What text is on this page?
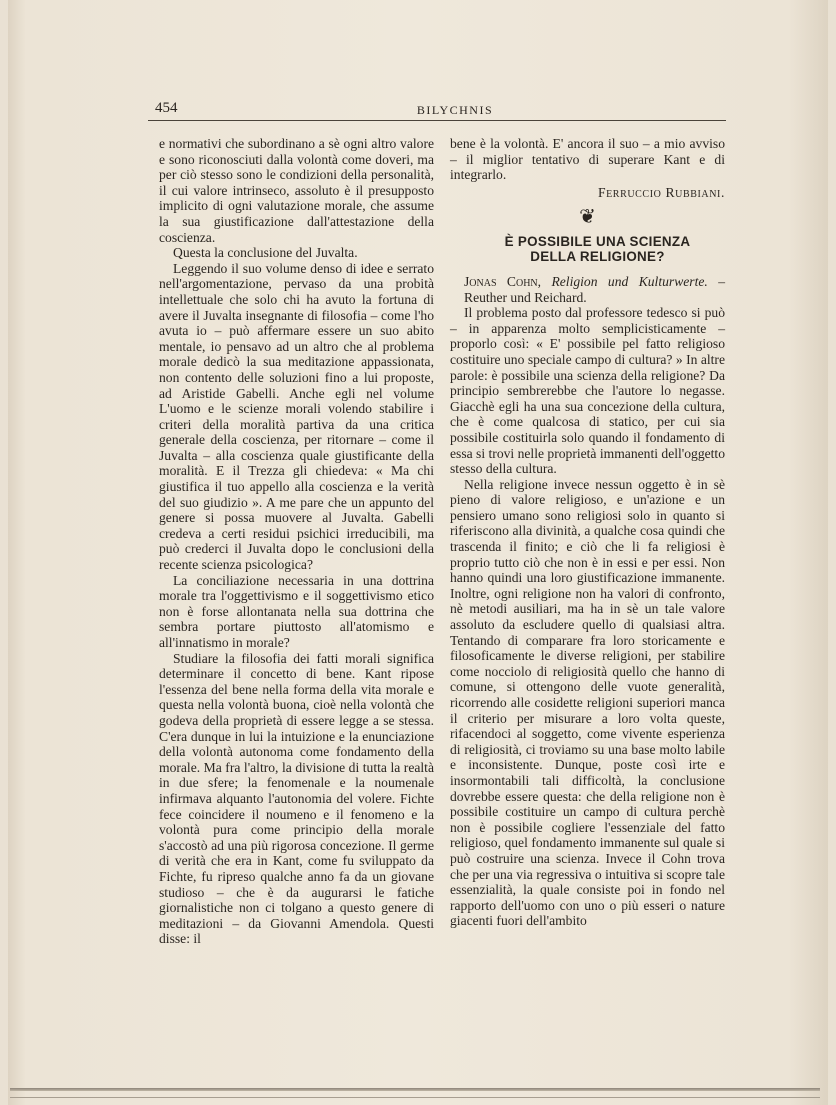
454	BILYCHNIS

e normativi che subordinano a sè ogni altro valore e sono riconosciuti dalla volontà come doveri, ma per ciò stesso sono le condizioni della personalità, il cui valore intrinseco, assoluto è il presupposto implicito di ogni valutazione morale, che assume la sua giustificazione dall'attestazione della coscienza.

Questa la conclusione del Juvalta.

Leggendo il suo volume denso di idee e serrato nell'argomentazione, pervaso da una probità intellettuale che solo chi ha avuto la fortuna di avere il Juvalta insegnante di filosofia – come l'ho avuta io – può affermare essere un suo abito mentale, io pensavo ad un altro che al problema morale dedicò la sua meditazione appassionata, non contento delle soluzioni fino a lui proposte, ad Aristide Gabelli. Anche egli nel volume L'uomo e le scienze morali volendo stabilire i criteri della moralità partiva da una critica generale della coscienza, per ritornare – come il Juvalta – alla coscienza quale giustificante della moralità. E il Trezza gli chiedeva: « Ma chi giustifica il tuo appello alla coscienza e la verità del suo giudizio ». A me pare che un appunto del genere si possa muovere al Juvalta. Gabelli credeva a certi residui psichici irreducibili, ma può crederci il Juvalta dopo le conclusioni della recente scienza psicologica?

La conciliazione necessaria in una dottrina morale tra l'oggettivismo e il soggettivismo etico non è forse allontanata nella sua dottrina che sembra portare piuttosto all'atomismo e all'innatismo in morale?

Studiare la filosofia dei fatti morali significa determinare il concetto di bene. Kant ripose l'essenza del bene nella forma della vita morale e questa nella volontà buona, cioè nella volontà che godeva della proprietà di essere legge a se stessa. C'era dunque in lui la intuizione e la enunciazione della volontà autonoma come fondamento della morale. Ma fra l'altro, la divisione di tutta la realtà in due sfere; la fenomenale e la noumenale infirmava alquanto l'autonomia del volere. Fichte fece coincidere il noumeno e il fenomeno e la volontà pura come principio della morale s'accostò ad una più rigorosa concezione. Il germe di verità che era in Kant, come fu sviluppato da Fichte, fu ripreso qualche anno fa da un giovane studioso – che è da augurarsi le fatiche giornalistiche non ci tolgano a questo genere di meditazioni – da Giovanni Amendola. Questi disse: il

bene è la volontà. E' ancora il suo – a mio avviso – il miglior tentativo di superare Kant e di integrarlo.

Ferruccio Rubbiani.

❦
È POSSIBILE UNA SCIENZA
DELLA RELIGIONE?

Jonas Cohn, Religion und Kulturwerte. – Reuther und Reichard.

Il problema posto dal professore tedesco si può – in apparenza molto semplicisticamente – proporlo così: « E' possibile pel fatto religioso costituire uno speciale campo di cultura? » In altre parole: è possibile una scienza della religione? Da principio sembrerebbe che l'autore lo negasse. Giacchè egli ha una sua concezione della cultura, che è come qualcosa di statico, per cui sia possibile costituirla solo quando il fondamento di essa si trovi nelle proprietà immanenti dell'oggetto stesso della cultura.

Nella religione invece nessun oggetto è in sè pieno di valore religioso, e un'azione e un pensiero umano sono religiosi solo in quanto si riferiscono alla divinità, a qualche cosa quindi che trascenda il finito; e ciò che li fa religiosi è proprio tutto ciò che non è in essi e per essi. Non hanno quindi una loro giustificazione immanente. Inoltre, ogni religione non ha valori di confronto, nè metodi ausiliari, ma ha in sè un tale valore assoluto da escludere quello di qualsiasi altra. Tentando di comparare fra loro storicamente e filosoficamente le diverse religioni, per stabilire come nocciolo di religiosità quello che hanno di comune, si ottengono delle vuote generalità, ricorrendo alle cosidette religioni superiori manca il criterio per misurare a loro volta queste, rifacendoci al soggetto, come vivente esperienza di religiosità, ci troviamo su una base molto labile e inconsistente. Dunque, poste così irte e insormontabili tali difficoltà, la conclusione dovrebbe essere questa: che della religione non è possibile costituire un campo di cultura perchè non è possibile cogliere l'essenziale del fatto religioso, quel fondamento immanente sul quale si può costruire una scienza. Invece il Cohn trova che per una via regressiva o intuitiva si scopre tale essenzialità, la quale consiste poi in fondo nel rapporto dell'uomo con uno o più esseri o nature giacenti fuori dell'ambito
